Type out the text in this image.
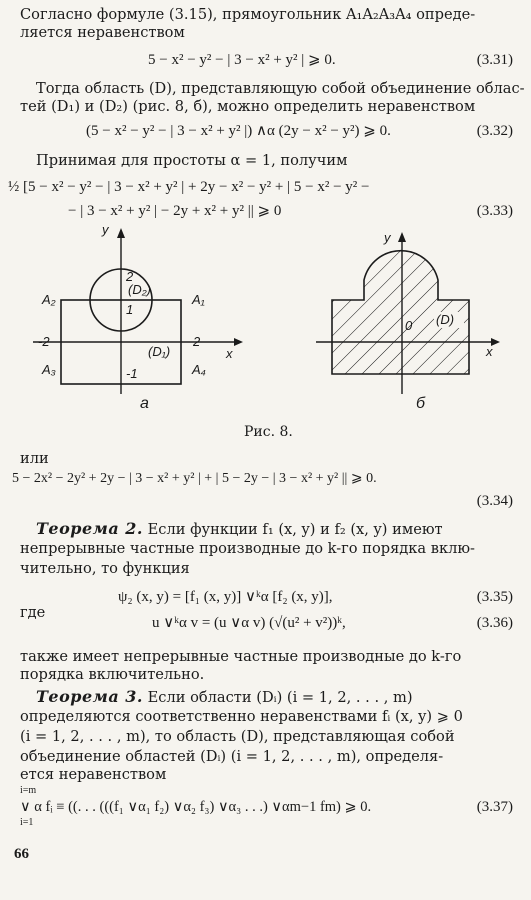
Согласно формуле (3.15), прямоугольник A₁A₂A₃A₄ опреде-
ляется неравенством
5 − x² − y² − | 3 − x² + y² | ⩾ 0.	(3.31)
Тогда область (D), представляющую собой объединение облас-
тей (D₁) и (D₂) (рис. 8, б), можно определить неравенством
(5 − x² − y² − | 3 − x² + y² |) ∧α (2y − x² − y²) ⩾ 0.	(3.32)
Принимая для простоты α = 1, получим
½ [5 − x² − y² − | 3 − x² + y² | + 2y − x² − y² + | 5 − x² − y² −
− | 3 − x² + y² | − 2y + x² + y² || ⩾ 0	(3.33)
y
x
2
1
-2	2
-1
A₁
A₂
A₃	A₄
(D₂)
(D₁)
а
y
x
0 (D)
б
Рис. 8.
или
5 − 2x² − 2y² + 2y − | 3 − x² + y² | + | 5 − 2y − | 3 − x² + y² || ⩾ 0.
(3.34)
Теорема 2. Если функции f₁ (x, y) и f₂ (x, y) имеют
непрерывные частные производные до k-го порядка вклю-
чительно, то функция
ψ₂ (x, y) = [f₁ (x, y)] ∨ᵏα [f₂ (x, y)],	(3.35)
где
u ∨ᵏα v = (u ∨α v) (√(u² + v²))ᵏ,	(3.36)
также имеет непрерывные частные производные до k-го
порядка включительно.
Теорема 3. Если области (Dᵢ) (i = 1, 2, . . . , m)
определяются соответственно неравенствами fᵢ (x, y) ⩾ 0
(i = 1, 2, . . . , m), то область (D), представляющая собой
объединение областей (Dᵢ) (i = 1, 2, . . . , m), определя-
ется неравенством
i=m
∨ α fᵢ ≡ ((. . . (((f₁ ∨α₁ f₂) ∨α₂ f₃) ∨α₃ . . .) ∨αm−1 fm) ⩾ 0.	(3.37)
i=1
66
